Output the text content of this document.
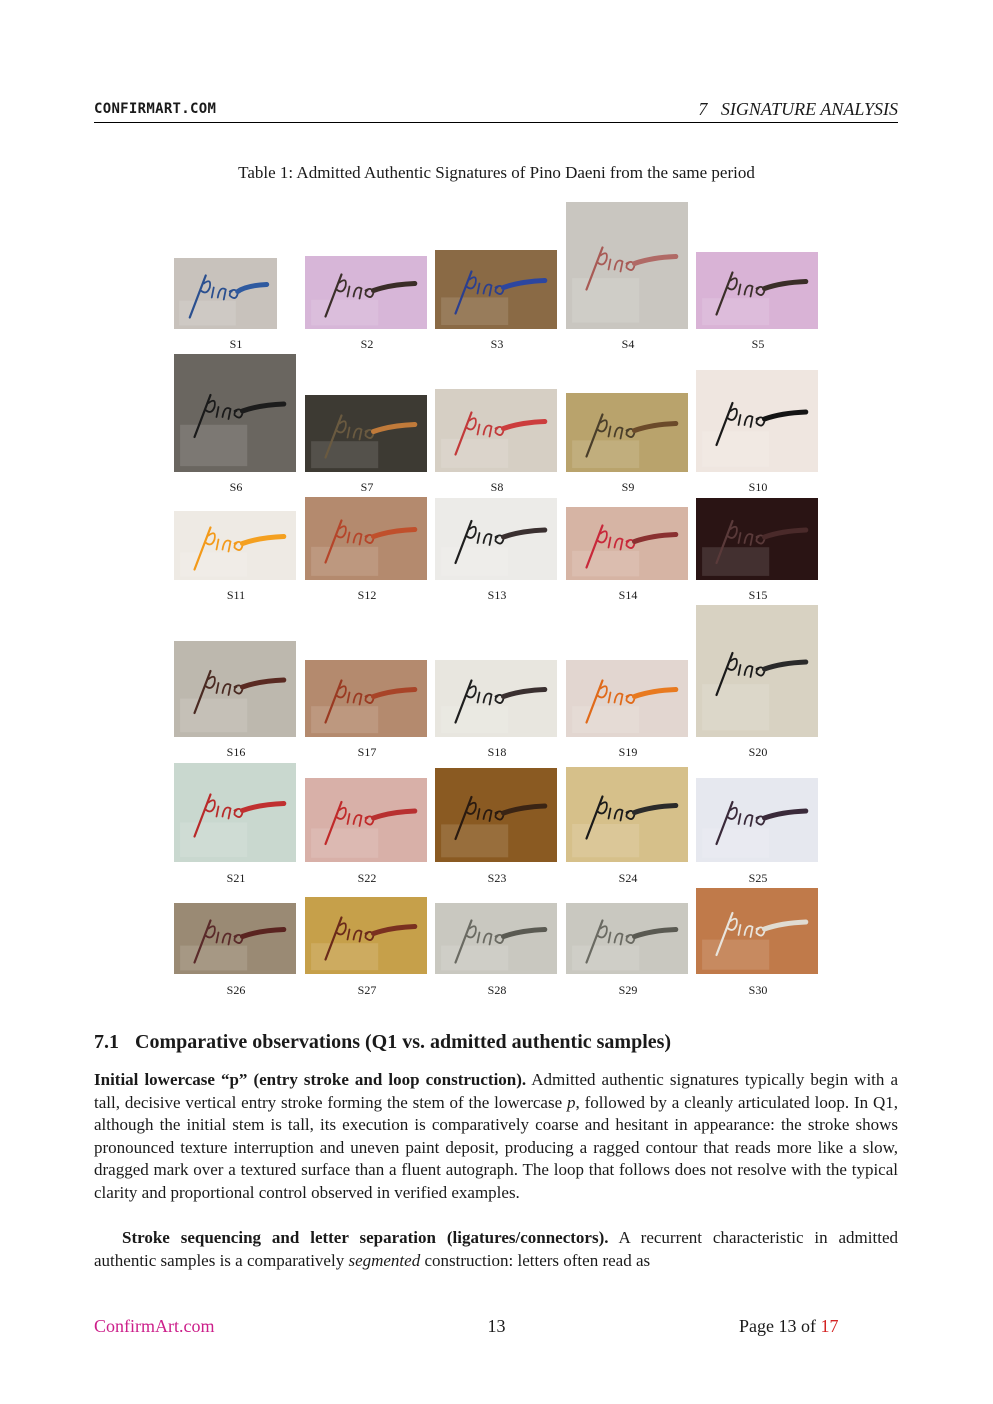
CONFIRMART.COM	7   SIGNATURE ANALYSIS
Table 1: Admitted Authentic Signatures of Pino Daeni from the same period
S1	S2	S3	S4	S5
S6	S7	S8	S9	S10
S11	S12	S13	S14	S15
S16	S17	S18	S19	S20
S21	S22	S23	S24	S25
S26	S27	S28	S29	S30
7.1 Comparative observations (Q1 vs. admitted authentic samples)

Initial lowercase “p” (entry stroke and loop construction). Admitted authentic signatures typically begin with a tall, decisive vertical entry stroke forming the stem of the lowercase p, followed by a cleanly articulated loop. In Q1, although the initial stem is tall, its execution is comparatively coarse and hesitant in appearance: the stroke shows pronounced texture interruption and uneven paint deposit, producing a ragged contour that reads more like a slow, dragged mark over a textured surface than a fluent autograph. The loop that follows does not resolve with the typical clarity and proportional control observed in verified examples.

Stroke sequencing and letter separation (ligatures/connectors). A recurrent characteristic in admitted authentic samples is a comparatively segmented construction: letters often read as

ConfirmArt.com	13	Page 13 of 17
